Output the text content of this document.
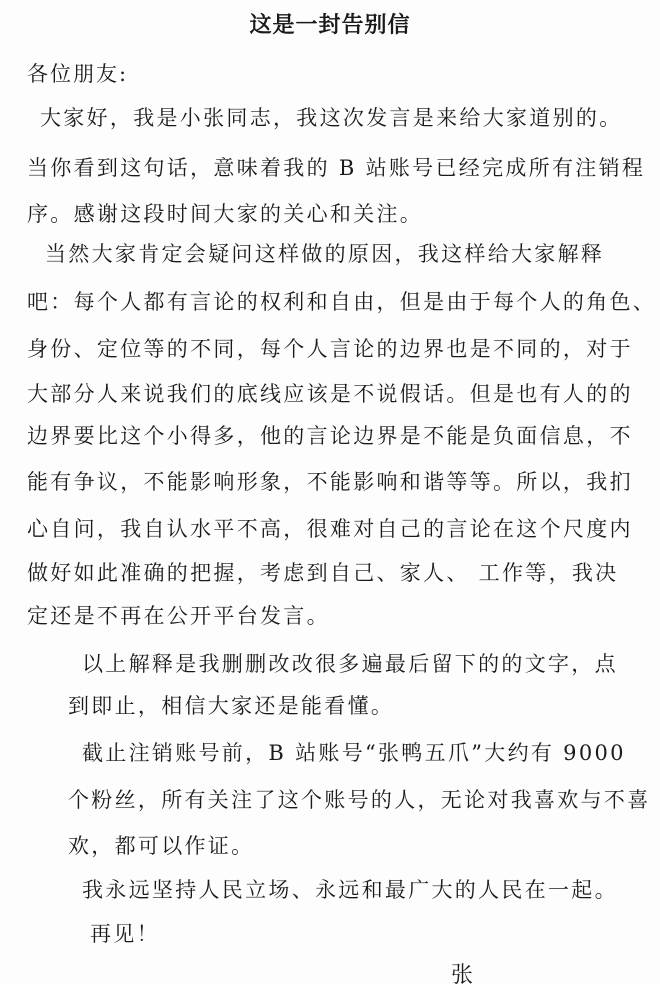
这是一封告别信
各位朋友:
大家好，我是小张同志，我这次发言是来给大家道别的。
当你看到这句话，意味着我的 B 站账号已经完成所有注销程
序。感谢这段时间大家的关心和关注。
当然大家肯定会疑问这样做的原因，我这样给大家解释
吧：每个人都有言论的权利和自由，但是由于每个人的角色、
身份、定位等的不同，每个人言论的边界也是不同的，对于
大部分人来说我们的底线应该是不说假话。但是也有人的的
边界要比这个小得多，他的言论边界是不能是负面信息，不
能有争议，不能影响形象，不能影响和谐等等。所以，我扪
心自问，我自认水平不高，很难对自己的言论在这个尺度内
做好如此准确的把握，考虑到自己、家人、 工作等，我决
定还是不再在公开平台发言。
以上解释是我删删改改很多遍最后留下的的文字，点
到即止，相信大家还是能看懂。
截止注销账号前，B 站账号“张鸭五爪”大约有 9000
个粉丝，所有关注了这个账号的人，无论对我喜欢与不喜
欢，都可以作证。
我永远坚持人民立场、永远和最广大的人民在一起。
再见！
张
